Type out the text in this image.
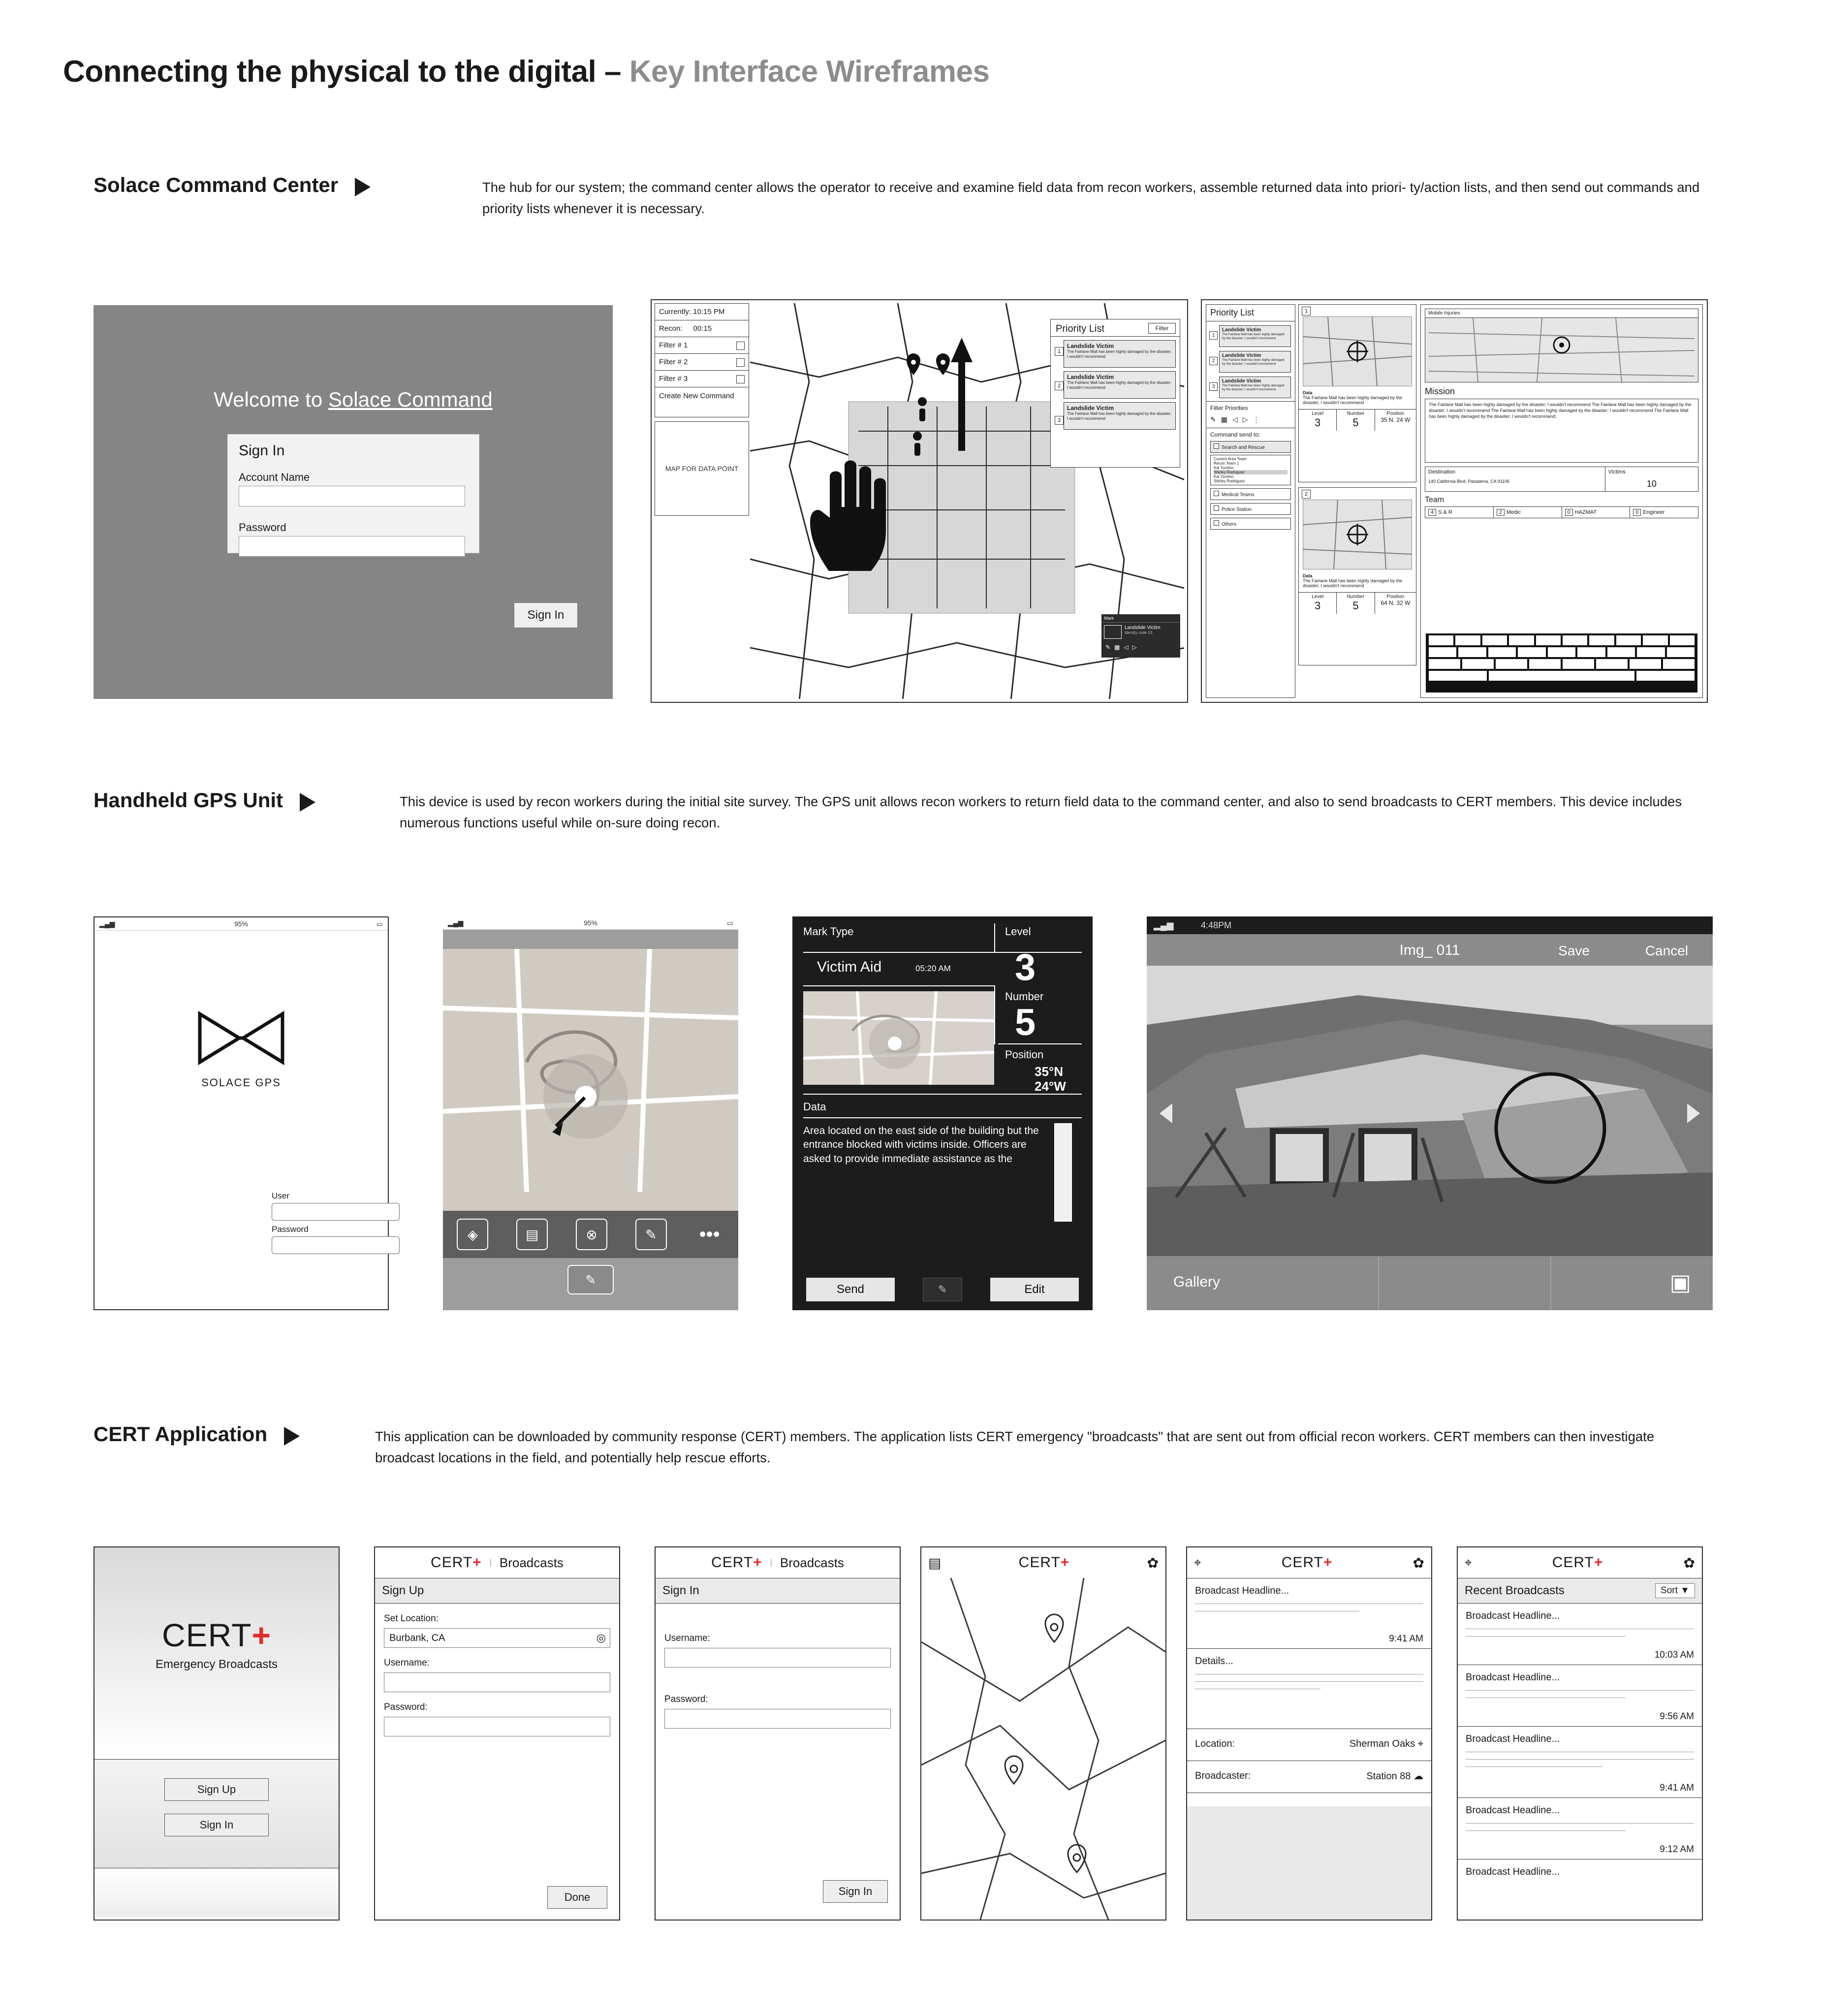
Connecting the physical to the digital – Key Interface Wireframes
Solace Command Center	The hub for our system; the command center allows the operator to receive and examine field data from recon workers, assemble returned data into priori- ty/action lists, and then send out commands and priority lists whenever it is necessary.
Welcome to Solace Command
Sign In
Account Name
Password
Sign In
Currently: 10:15 PM
Recon: 00:15
Filter # 1
Filter # 2
Filter # 3
Create New Command
MAP FOR DATA POINT
Priority List	Filter
1
Landslide Victim
The Fairlane Mall has been highly damaged by the disaster; I wouldn't recommend
2
Landslide Victim
The Fairlane Mall has been highly damaged by the disaster; I wouldn't recommend
3
Landslide Victim
The Fairlane Mall has been highly damaged by the disaster; I wouldn't recommend
Mark
Landslide Victim
Identity code 03
✎ ▦ ◁ ▷
Priority List
1
Landslide Victim
The Fairlane Mall has been highly damaged by the disaster; I wouldn't recommend
2
Landslide Victim
The Fairlane Mall has been highly damaged by the disaster; I wouldn't recommend
3
Landslide Victim
The Fairlane Mall has been highly damaged by the disaster; I wouldn't recommend
Filter Priorities
✎ ▦ ◁ ▷ ⋮
Command send to:
Search and Rescue
Current Area Team
Recon Team 1
Kai Yumino
Shirley Rodriguez
Kai Yumino
Shirley Rodriguez
Medical Teams
Police Station
Others
1
Data
The Fairlane Mall has been highly damaged by the disaster; I wouldn't recommend
Level
3
Number
5
Position
35 N. 24 W
2
Data
The Fairlane Mall has been highly damaged by the disaster; I wouldn't recommend
Level
3
Number
5
Position
64 N. 32 W
Mobile Injuries
Mission
The Fairlane Mall has been highly damaged by the disaster; I wouldn't recommend The Fairlane Mall has been highly damaged by the disaster; I wouldn't recommend The Fairlane Mall has been highly damaged by the disaster; I wouldn't recommend The Fairlane Mall has been highly damaged by the disaster; I wouldn't recommend;
Destination
140 California Blvd, Pasadena, CA 91106
Victims
10
Team
4 S & R	2 Medic	0 HAZMAT	0 Engineer
Handheld GPS Unit	This device is used by recon workers during the initial site survey. The GPS unit allows recon workers to return field data to the command center, and also to send broadcasts to CERT members. This device includes numerous functions useful while on-sure doing recon.
▂▄▆	95%	▭
SOLACE GPS
User
Password
▂▄▆	95%	▭
◈	▤	⊗	✎	•••
✎
Mark Type	Level
Victim Aid	05:20 AM 3
Number
5
Position
35°N
24°W
Data
Area located on the east side of the building but the entrance blocked with victims inside. Officers are asked to provide immediate assistance as the
Send	Edit
✎
▂▄▆	4:48PM
Img_ 011	Save	Cancel
Gallery	▣
CERT Application	This application can be downloaded by community response (CERT) members. The application lists CERT emergency "broadcasts" that are sent out from official recon workers. CERT members can then investigate broadcast locations in the field, and potentially help rescue efforts.
CERT+
Emergency Broadcasts
Sign Up
Sign In
CERT+ | Broadcasts
Sign Up
Set Location:
Burbank, CA	◎
Username:
Password:
Done
CERT+ | Broadcasts
Sign In
Username:
Password:
Sign In
▤	CERT+	✿	⌖	CERT+	✿
Broadcast Headline...
9:41 AM
Details...
Location:	Sherman Oaks ⌖
Broadcaster:	Station 88 ☁
⌖	CERT+	✿
Recent Broadcasts	Sort ▼
Broadcast Headline...
10:03 AM
Broadcast Headline...
9:56 AM
Broadcast Headline...
9:41 AM
Broadcast Headline...
9:12 AM
Broadcast Headline...
